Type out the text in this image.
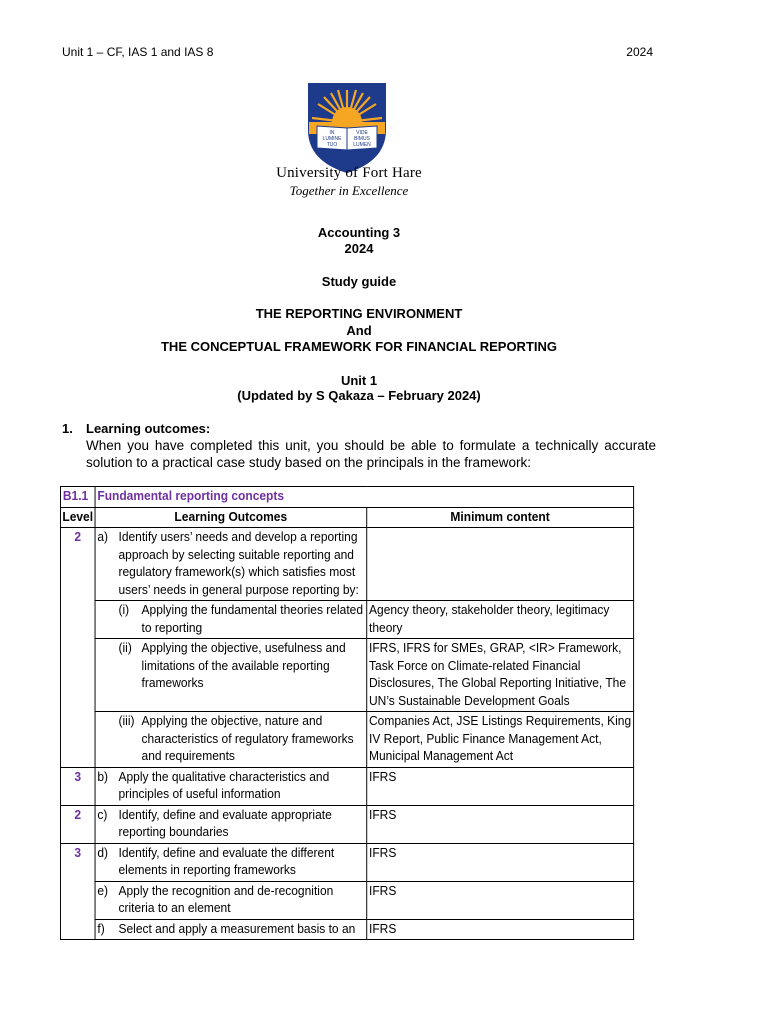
Unit 1 – CF, IAS 1 and IAS 8	2024
IN
LUMINE
TUO
VIDE
BIMUS
LUMEN
University of Fort Hare
Together in Excellence
Accounting 3
2024
Study guide
THE REPORTING ENVIRONMENT
And
THE CONCEPTUAL FRAMEWORK FOR FINANCIAL REPORTING
Unit 1
(Updated by S Qakaza – February 2024)
1. Learning outcomes:
When you have completed this unit, you should be able to formulate a technically accurate solution to a practical case study based on the principals in the framework:
B1.1	Fundamental reporting concepts	
Level	Learning Outcomes	Minimum content
2	a) Identify users’ needs and develop a reporting approach by selecting suitable reporting and regulatory framework(s) which satisfies most users’ needs in general purpose reporting by:	

	(i) Applying the fundamental theories related to reporting	Agency theory, stakeholder theory, legitimacy theory

	(ii) Applying the objective, usefulness and limitations of the available reporting frameworks	IFRS, IFRS for SMEs, GRAP, <IR> Framework, Task Force on Climate-related Financial Disclosures, The Global Reporting Initiative, The UN’s Sustainable Development Goals

	(iii) Applying the objective, nature and characteristics of regulatory frameworks and requirements	Companies Act, JSE Listings Requirements, King IV Report, Public Finance Management Act, Municipal Management Act
3	b) Apply the qualitative characteristics and principles of useful information	IFRS
2	c) Identify, define and evaluate appropriate reporting boundaries	IFRS
3	d) Identify, define and evaluate the different elements in reporting frameworks	IFRS

	e) Apply the recognition and de-recognition criteria to an element	IFRS

	f) Select and apply a measurement basis to an	IFRS
